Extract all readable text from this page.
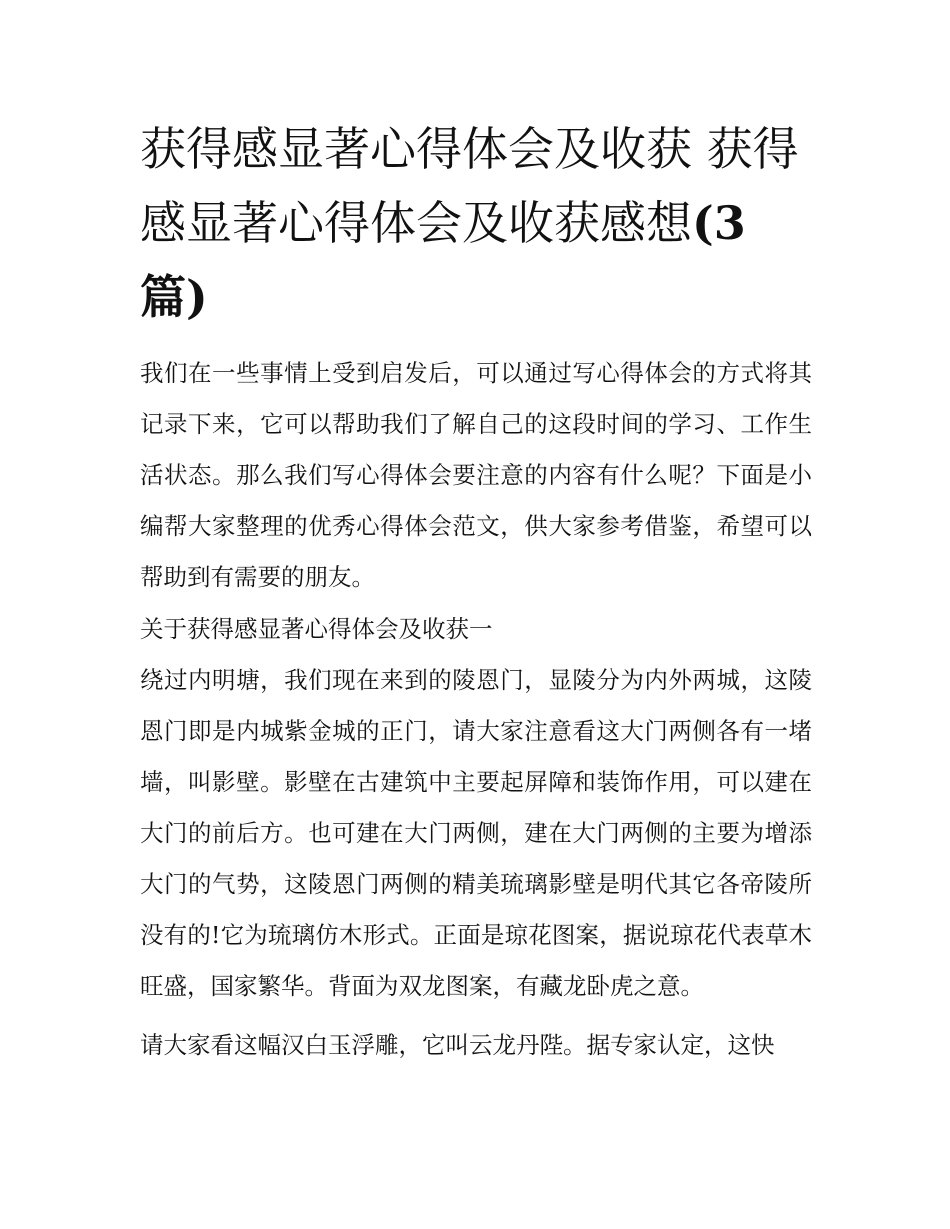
获得感显著心得体会及收获 获得感显著心得体会及收获感想(3篇)

我们在一些事情上受到启发后，可以通过写心得体会的方式将其记录下来，它可以帮助我们了解自己的这段时间的学习、工作生活状态。那么我们写心得体会要注意的内容有什么呢？下面是小编帮大家整理的优秀心得体会范文，供大家参考借鉴，希望可以帮助到有需要的朋友。

关于获得感显著心得体会及收获一

绕过内明塘，我们现在来到的陵恩门，显陵分为内外两城，这陵恩门即是内城紫金城的正门，请大家注意看这大门两侧各有一堵墙，叫影壁。影壁在古建筑中主要起屏障和装饰作用，可以建在大门的前后方。也可建在大门两侧，建在大门两侧的主要为增添大门的气势，这陵恩门两侧的精美琉璃影壁是明代其它各帝陵所没有的!它为琉璃仿木形式。正面是琼花图案，据说琼花代表草木旺盛，国家繁华。背面为双龙图案，有藏龙卧虎之意。

请大家看这幅汉白玉浮雕，它叫云龙丹陛。据专家认定，这快
